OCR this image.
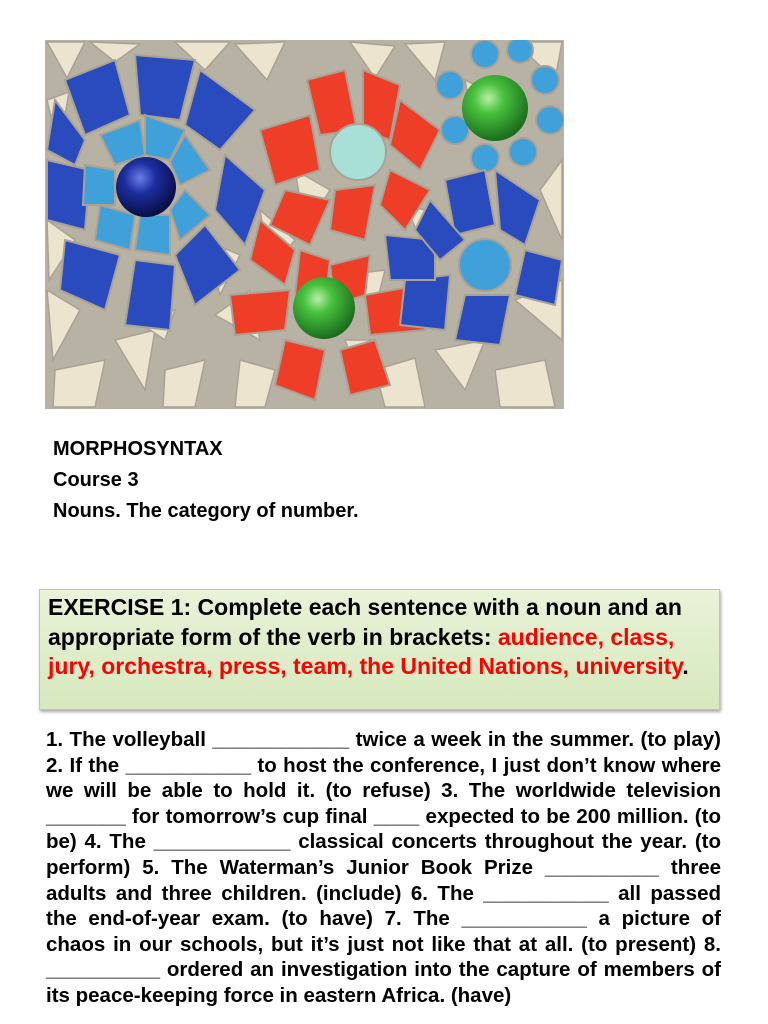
MORPHOSYNTAX
Course 3
Nouns. The category of number.
EXERCISE 1: Complete each sentence with a noun and an appropriate form of the verb in brackets: audience, class, jury, orchestra, press, team, the United Nations, university.
1. The volleyball ____________ twice a week in the summer. (to play) 2. If the ___________ to host the conference, I just don’t know where we will be able to hold it. (to refuse) 3. The worldwide television _______ for tomorrow’s cup final ____ expected to be 200 million. (to be) 4. The ____________ classical concerts throughout the year. (to perform) 5. The Waterman’s Junior Book Prize __________ three adults and three children. (include) 6. The ___________ all passed the end-of-year exam. (to have) 7. The ___________ a picture of chaos in our schools, but it’s just not like that at all. (to present) 8. __________ ordered an investigation into the capture of members of its peace-keeping force in eastern Africa. (have)
